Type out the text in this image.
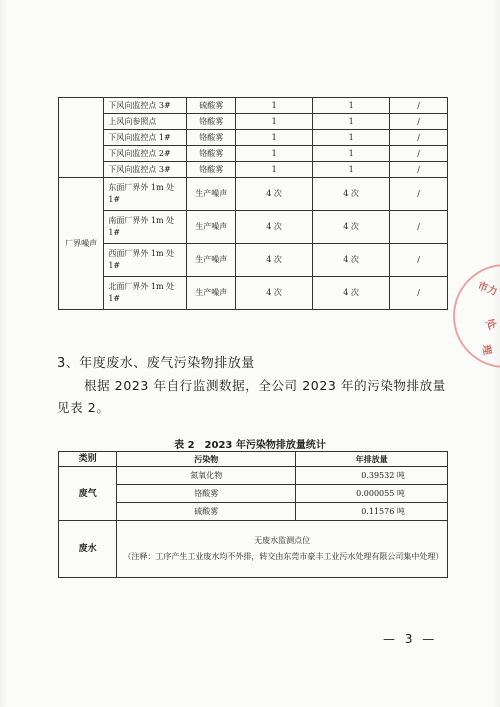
	下风向监控点 3#	硫酸雾	1	1	/
	上风向参照点	铬酸雾	1	1	/
	下风向监控点 1#	铬酸雾	1	1	/
	下风向监控点 2#	铬酸雾	1	1	/
	下风向监控点 3#	铬酸雾	1	1	/
厂界噪声	东面厂界外 1m 处 1#	生产噪声	4 次	4 次	/
	南面厂界外 1m 处 1#	生产噪声	4 次	4 次	/
	西面厂界外 1m 处 1#	生产噪声	4 次	4 次	/
	北面厂界外 1m 处 1#	生产噪声	4 次	4 次	/
3、年度废水、废气污染物排放量
根据 2023 年自行监测数据，全公司 2023 年的污染物排放量见表 2。
表 2　2023 年污染物排放量统计
类别	污染物	年排放量
废气	氮氧化物	0.39532 吨
	铬酸雾	0.000055 吨
	硫酸雾	0.11576 吨
废水	无废水监测点位
（注释：工序产生工业废水均不外排，转交由东莞市豪丰工业污水处理有限公司集中处理）	
— 3 —
市力
处
理
